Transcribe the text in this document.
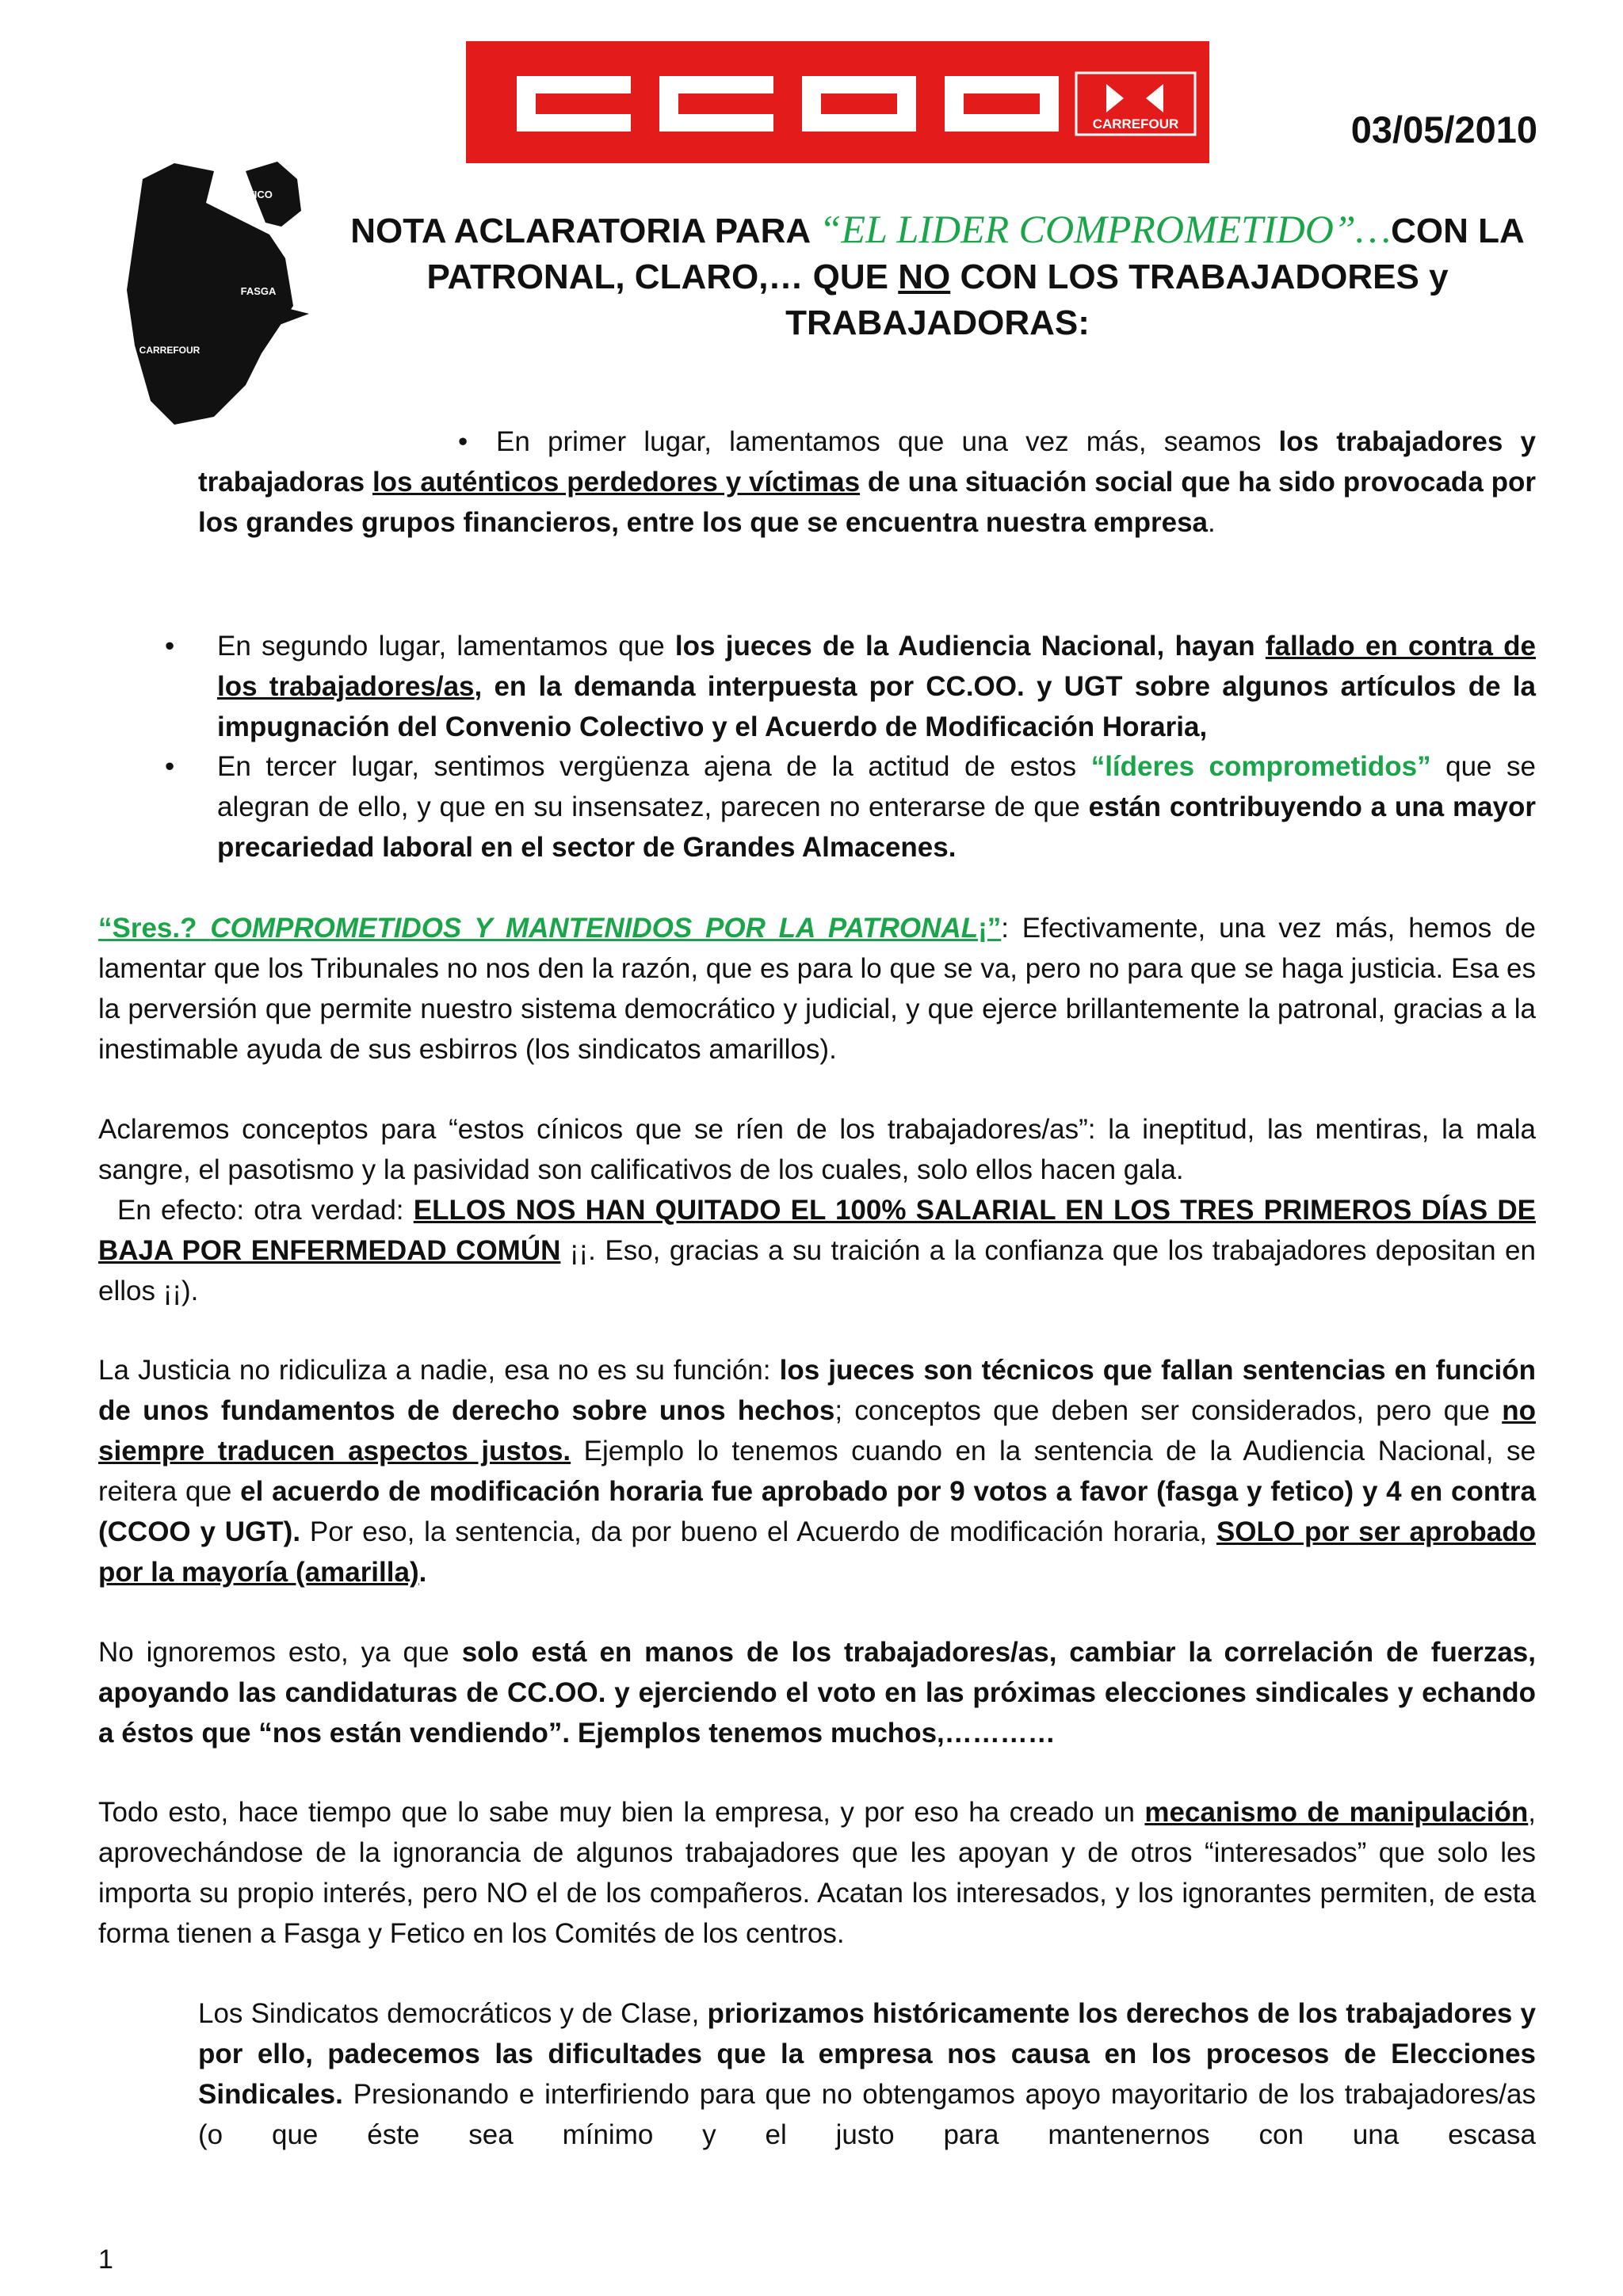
CARREFOUR	03/05/2010
FETICO
FASGA
CARREFOUR
NOTA ACLARATORIA PARA “EL LIDER COMPROMETIDO”…CON LA PATRONAL, CLARO,… QUE NO CON LOS TRABAJADORES y TRABAJADORAS:
•	En primer lugar, lamentamos que una vez más, seamos los trabajadores y trabajadoras los auténticos perdedores y víctimas de una situación social que ha sido provocada por los grandes grupos financieros, entre los que se encuentra nuestra empresa.
• En segundo lugar, lamentamos que los jueces de la Audiencia Nacional, hayan fallado en contra de los trabajadores/as, en la demanda interpuesta por CC.OO. y UGT sobre algunos artículos de la impugnación del Convenio Colectivo y el Acuerdo de Modificación Horaria,
• En tercer lugar, sentimos vergüenza ajena de la actitud de estos “líderes comprometidos” que se alegran de ello, y que en su insensatez, parecen no enterarse de que están contribuyendo a una mayor precariedad laboral en el sector de Grandes Almacenes.
“Sres.? COMPROMETIDOS Y MANTENIDOS POR LA PATRONAL¡”: Efectivamente, una vez más, hemos de lamentar que los Tribunales no nos den la razón, que es para lo que se va, pero no para que se haga justicia. Esa es la perversión que permite nuestro sistema democrático y judicial, y que ejerce brillantemente la patronal, gracias a la inestimable ayuda de sus esbirros (los sindicatos amarillos).
Aclaremos conceptos para “estos cínicos que se ríen de los trabajadores/as”: la ineptitud, las mentiras, la mala sangre, el pasotismo y la pasividad son calificativos de los cuales, solo ellos hacen gala.
En efecto: otra verdad: ELLOS NOS HAN QUITADO EL 100% SALARIAL EN LOS TRES PRIMEROS DÍAS DE BAJA POR ENFERMEDAD COMÚN ¡¡. Eso, gracias a su traición a la confianza que los trabajadores depositan en ellos ¡¡).
La Justicia no ridiculiza a nadie, esa no es su función: los jueces son técnicos que fallan sentencias en función de unos fundamentos de derecho sobre unos hechos; conceptos que deben ser considerados, pero que no siempre traducen aspectos justos. Ejemplo lo tenemos cuando en la sentencia de la Audiencia Nacional, se reitera que el acuerdo de modificación horaria fue aprobado por 9 votos a favor (fasga y fetico) y 4 en contra (CCOO y UGT). Por eso, la sentencia, da por bueno el Acuerdo de modificación horaria, SOLO por ser aprobado por la mayoría (amarilla).
No ignoremos esto, ya que solo está en manos de los trabajadores/as, cambiar la correlación de fuerzas, apoyando las candidaturas de CC.OO. y ejerciendo el voto en las próximas elecciones sindicales y echando a éstos que “nos están vendiendo”. Ejemplos tenemos muchos,…………
Todo esto, hace tiempo que lo sabe muy bien la empresa, y por eso ha creado un mecanismo de manipulación, aprovechándose de la ignorancia de algunos trabajadores que les apoyan y de otros “interesados” que solo les importa su propio interés, pero NO el de los compañeros. Acatan los interesados, y los ignorantes permiten, de esta forma tienen a Fasga y Fetico en los Comités de los centros.
Los Sindicatos democráticos y de Clase, priorizamos históricamente los derechos de los trabajadores y por ello, padecemos las dificultades que la empresa nos causa en los procesos de Elecciones Sindicales. Presionando e interfiriendo para que no obtengamos apoyo mayoritario de los trabajadores/as (o que éste sea mínimo y el justo para mantenernos con una escasa
1
